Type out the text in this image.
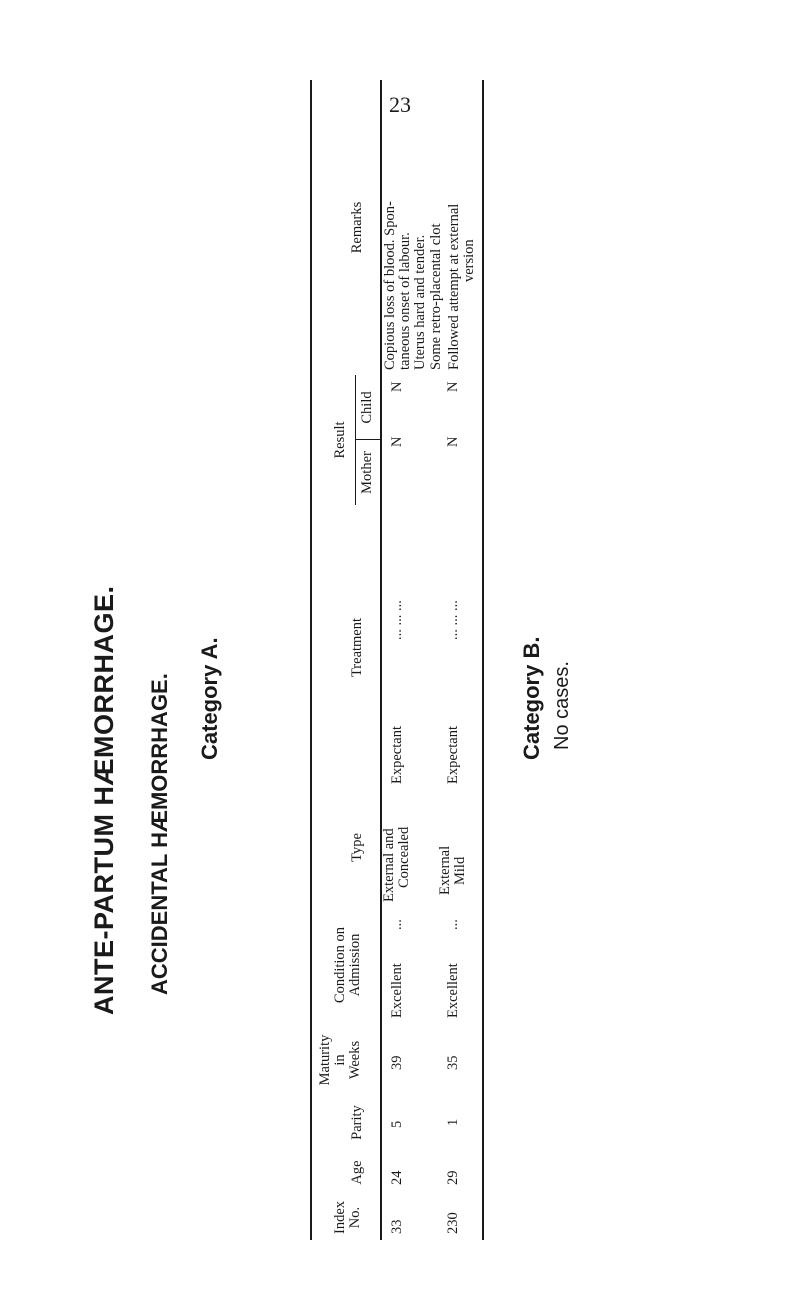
23
ANTE-PARTUM HÆMORRHAGE. ACCIDENTAL HÆMORRHAGE. Category A.
Index No.
Age
Parity
Maturity in Weeks
Condition on Admission
Type
Treatment
Result
Mother
Child
Remarks
33
24
5
39
Excellent
...
External and Concealed
Expectant
... ... ...
N
N
Copious loss of blood. Spon- taneous onset of labour. Uterus hard and tender. Some retro-placental clot
230
29
1
35
Excellent
...
External Mild
Expectant
... ... ...
N
N
Followed attempt at external version
Category B. No cases.
